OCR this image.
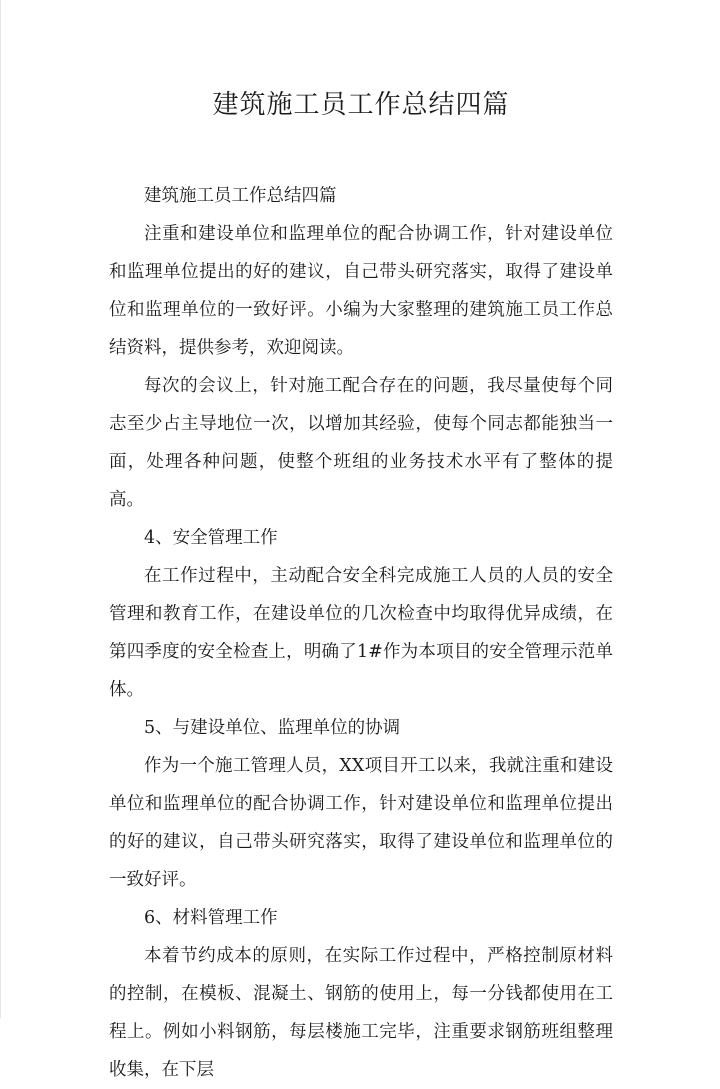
建筑施工员工作总结四篇

建筑施工员工作总结四篇

注重和建设单位和监理单位的配合协调工作，针对建设单位和监理单位提出的好的建议，自己带头研究落实，取得了建设单位和监理单位的一致好评。小编为大家整理的建筑施工员工作总结资料，提供参考，欢迎阅读。

每次的会议上，针对施工配合存在的问题，我尽量使每个同志至少占主导地位一次，以增加其经验，使每个同志都能独当一面，处理各种问题，使整个班组的业务技术水平有了整体的提高。

4、安全管理工作

在工作过程中，主动配合安全科完成施工人员的人员的安全管理和教育工作，在建设单位的几次检查中均取得优异成绩，在第四季度的安全检查上，明确了1#作为本项目的安全管理示范单体。

5、与建设单位、监理单位的协调

作为一个施工管理人员，XX项目开工以来，我就注重和建设单位和监理单位的配合协调工作，针对建设单位和监理单位提出的好的建议，自己带头研究落实，取得了建设单位和监理单位的一致好评。

6、材料管理工作

本着节约成本的原则，在实际工作过程中，严格控制原材料的控制，在模板、混凝土、钢筋的使用上，每一分钱都使用在工程上。例如小料钢筋，每层楼施工完毕，注重要求钢筋班组整理收集，在下层
